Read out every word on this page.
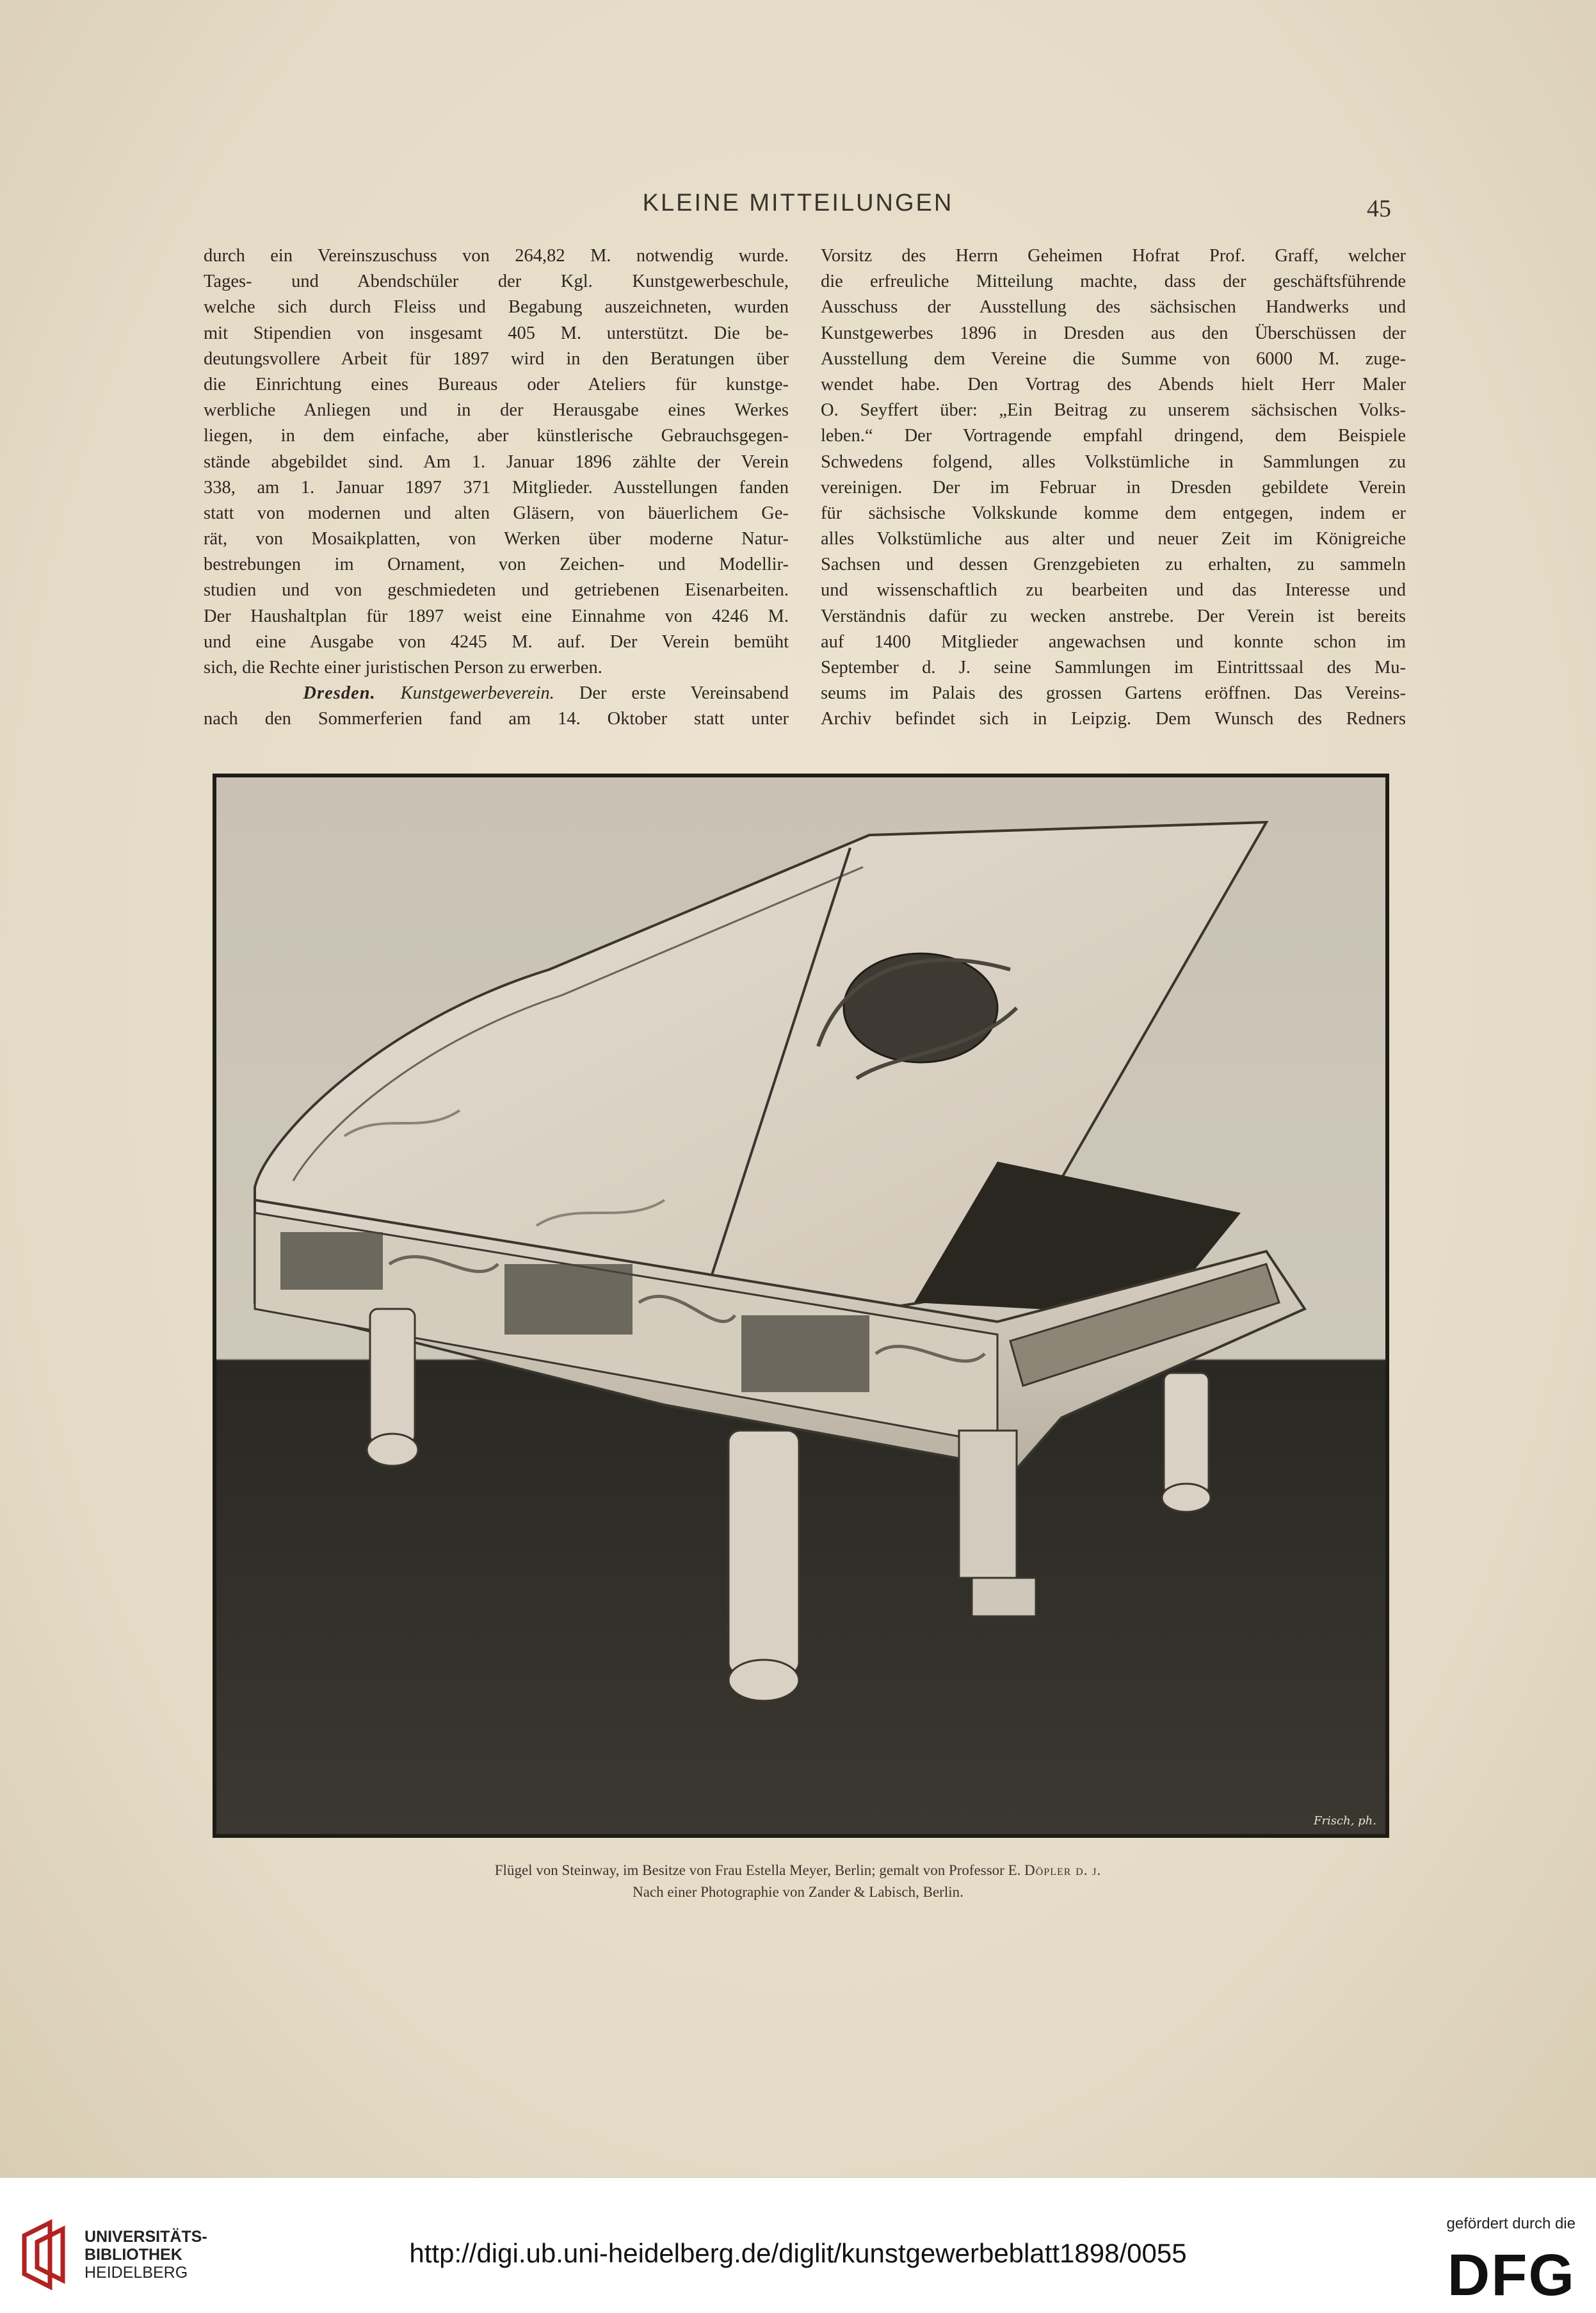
KLEINE MITTEILUNGEN	45
durch ein Vereinszuschuss von 264,82 M. notwendig wurde.
Tages- und Abendschüler der Kgl. Kunstgewerbeschule,
welche sich durch Fleiss und Begabung auszeichneten, wurden
mit Stipendien von insgesamt 405 M. unterstützt. Die be-
deutungsvollere Arbeit für 1897 wird in den Beratungen über
die Einrichtung eines Bureaus oder Ateliers für kunstge-
werbliche Anliegen und in der Herausgabe eines Werkes
liegen, in dem einfache, aber künstlerische Gebrauchsgegen-
stände abgebildet sind. Am 1. Januar 1896 zählte der Verein
338, am 1. Januar 1897 371 Mitglieder. Ausstellungen fanden
statt von modernen und alten Gläsern, von bäuerlichem Ge-
rät, von Mosaikplatten, von Werken über moderne Natur-
bestrebungen im Ornament, von Zeichen- und Modellir-
studien und von geschmiedeten und getriebenen Eisenarbeiten.
Der Haushaltplan für 1897 weist eine Einnahme von 4246 M.
und eine Ausgabe von 4245 M. auf. Der Verein bemüht
sich, die Rechte einer juristischen Person zu erwerben.
Dresden. Kunstgewerbeverein. Der erste Vereinsabend
nach den Sommerferien fand am 14. Oktober statt unter
Vorsitz des Herrn Geheimen Hofrat Prof. Graff, welcher
die erfreuliche Mitteilung machte, dass der geschäftsführende
Ausschuss der Ausstellung des sächsischen Handwerks und
Kunstgewerbes 1896 in Dresden aus den Überschüssen der
Ausstellung dem Vereine die Summe von 6000 M. zuge-
wendet habe. Den Vortrag des Abends hielt Herr Maler
O. Seyffert über: „Ein Beitrag zu unserem sächsischen Volks-
leben.“ Der Vortragende empfahl dringend, dem Beispiele
Schwedens folgend, alles Volkstümliche in Sammlungen zu
vereinigen. Der im Februar in Dresden gebildete Verein
für sächsische Volkskunde komme dem entgegen, indem er
alles Volkstümliche aus alter und neuer Zeit im Königreiche
Sachsen und dessen Grenzgebieten zu erhalten, zu sammeln
und wissenschaftlich zu bearbeiten und das Interesse und
Verständnis dafür zu wecken anstrebe. Der Verein ist bereits
auf 1400 Mitglieder angewachsen und konnte schon im
September d. J. seine Sammlungen im Eintrittssaal des Mu-
seums im Palais des grossen Gartens eröffnen. Das Vereins-
Archiv befindet sich in Leipzig. Dem Wunsch des Redners
Frisch, ph.
Flügel von Steinway, im Besitze von Frau Estella Meyer, Berlin; gemalt von Professor E. Döpler d. j.
Nach einer Photographie von Zander & Labisch, Berlin.
UNIVERSITÄTS-
BIBLIOTHEK
HEIDELBERG
http://digi.ub.uni-heidelberg.de/diglit/kunstgewerbeblatt1898/0055
gefördert durch die
DFG
